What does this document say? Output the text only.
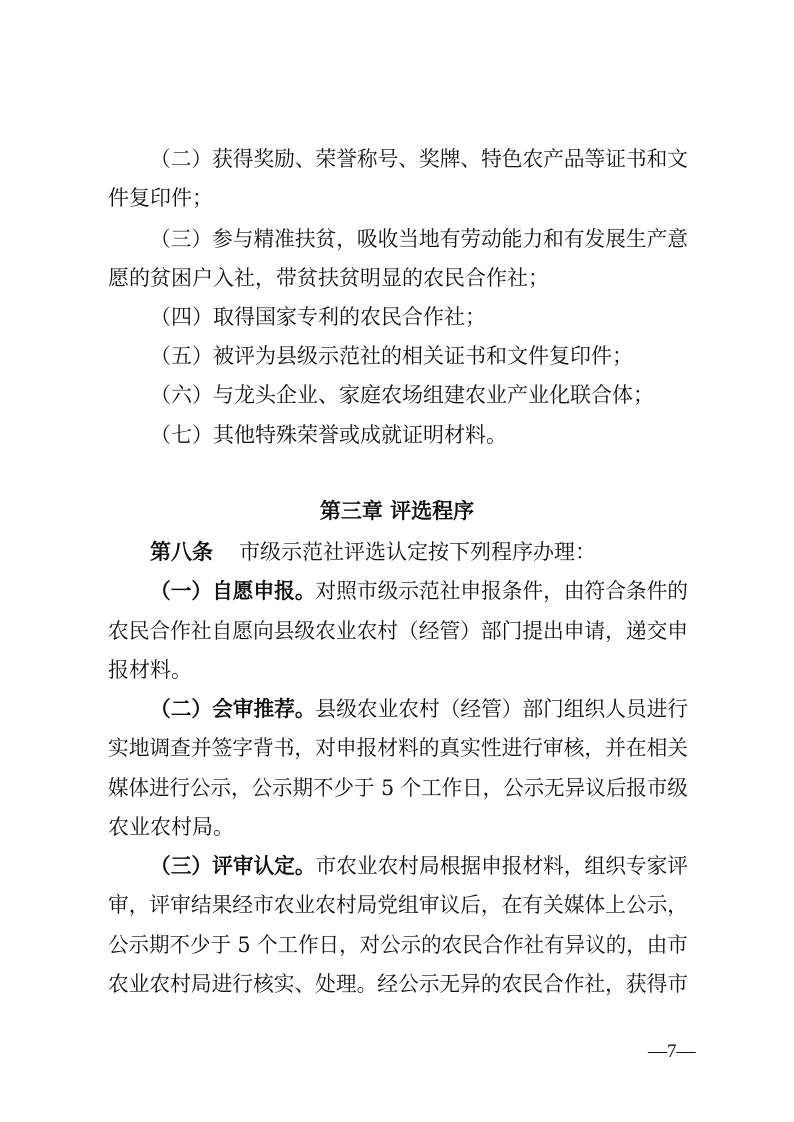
（二）获得奖励、荣誉称号、奖牌、特色农产品等证书和文
件复印件；
（三）参与精准扶贫，吸收当地有劳动能力和有发展生产意
愿的贫困户入社，带贫扶贫明显的农民合作社；
（四）取得国家专利的农民合作社；
（五）被评为县级示范社的相关证书和文件复印件；
（六）与龙头企业、家庭农场组建农业产业化联合体；
（七）其他特殊荣誉或成就证明材料。
第三章 评选程序
第八条 市级示范社评选认定按下列程序办理：
（一）自愿申报。对照市级示范社申报条件，由符合条件的
农民合作社自愿向县级农业农村（经管）部门提出申请，递交申
报材料。
（二）会审推荐。县级农业农村（经管）部门组织人员进行
实地调查并签字背书，对申报材料的真实性进行审核，并在相关
媒体进行公示，公示期不少于 5 个工作日，公示无异议后报市级
农业农村局。
（三）评审认定。市农业农村局根据申报材料，组织专家评
审，评审结果经市农业农村局党组审议后，在有关媒体上公示，
公示期不少于 5 个工作日，对公示的农民合作社有异议的，由市
农业农村局进行核实、处理。经公示无异的农民合作社，获得市
—7—
